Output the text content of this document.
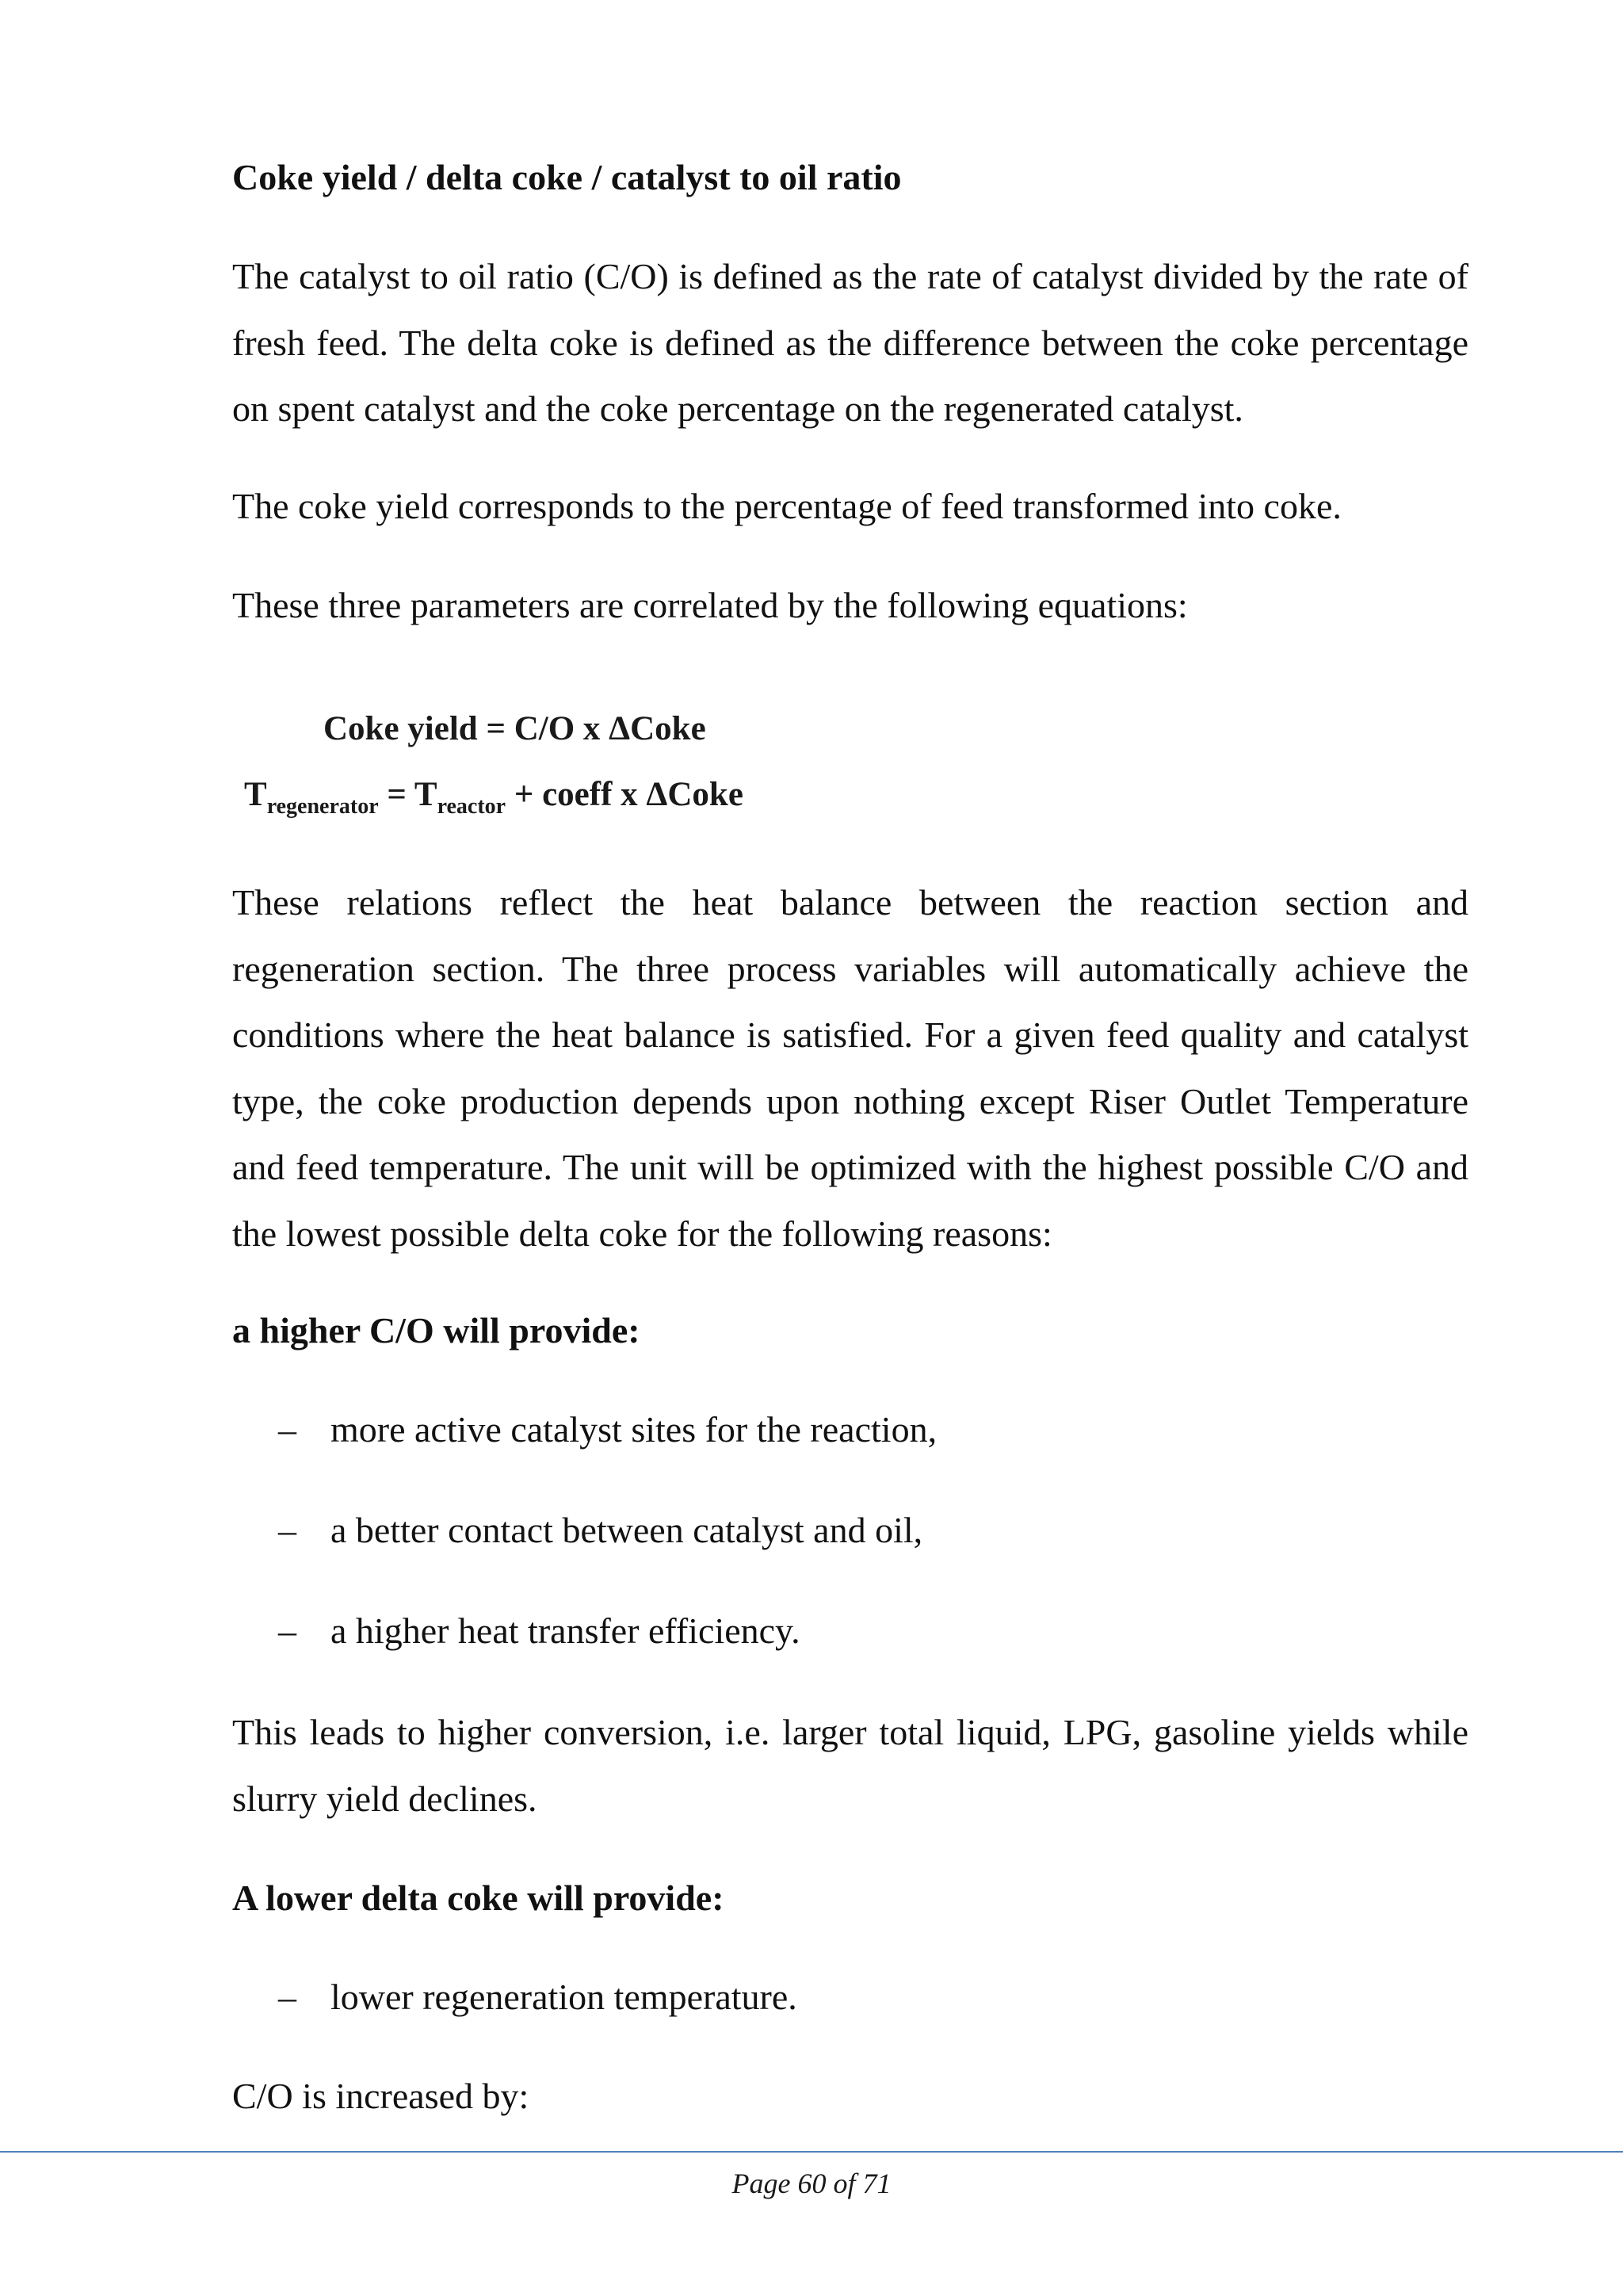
Coke yield / delta coke / catalyst to oil ratio
The catalyst to oil ratio (C/O) is defined as the rate of catalyst divided by the rate of fresh feed. The delta coke is defined as the difference between the coke percentage on spent catalyst and the coke percentage on the regenerated catalyst.
The coke yield corresponds to the percentage of feed transformed into coke.
These three parameters are correlated by the following equations:
Coke yield = C/O x ΔCoke
$T_{regenerator} = T_{reactor}$ + coeff x ΔCoke
These relations reflect the heat balance between the reaction section and regeneration section. The three process variables will automatically achieve the conditions where the heat balance is satisfied. For a given feed quality and catalyst type, the coke production depends upon nothing except Riser Outlet Temperature and feed temperature. The unit will be optimized with the highest possible C/O and the lowest possible delta coke for the following reasons:
a higher C/O will provide:
– more active catalyst sites for the reaction,
– a better contact between catalyst and oil,
– a higher heat transfer efficiency.
This leads to higher conversion, i.e. larger total liquid, LPG, gasoline yields while slurry yield declines.
A lower delta coke will provide:
– lower regeneration temperature.
C/O is increased by:
Page 60 of 71
